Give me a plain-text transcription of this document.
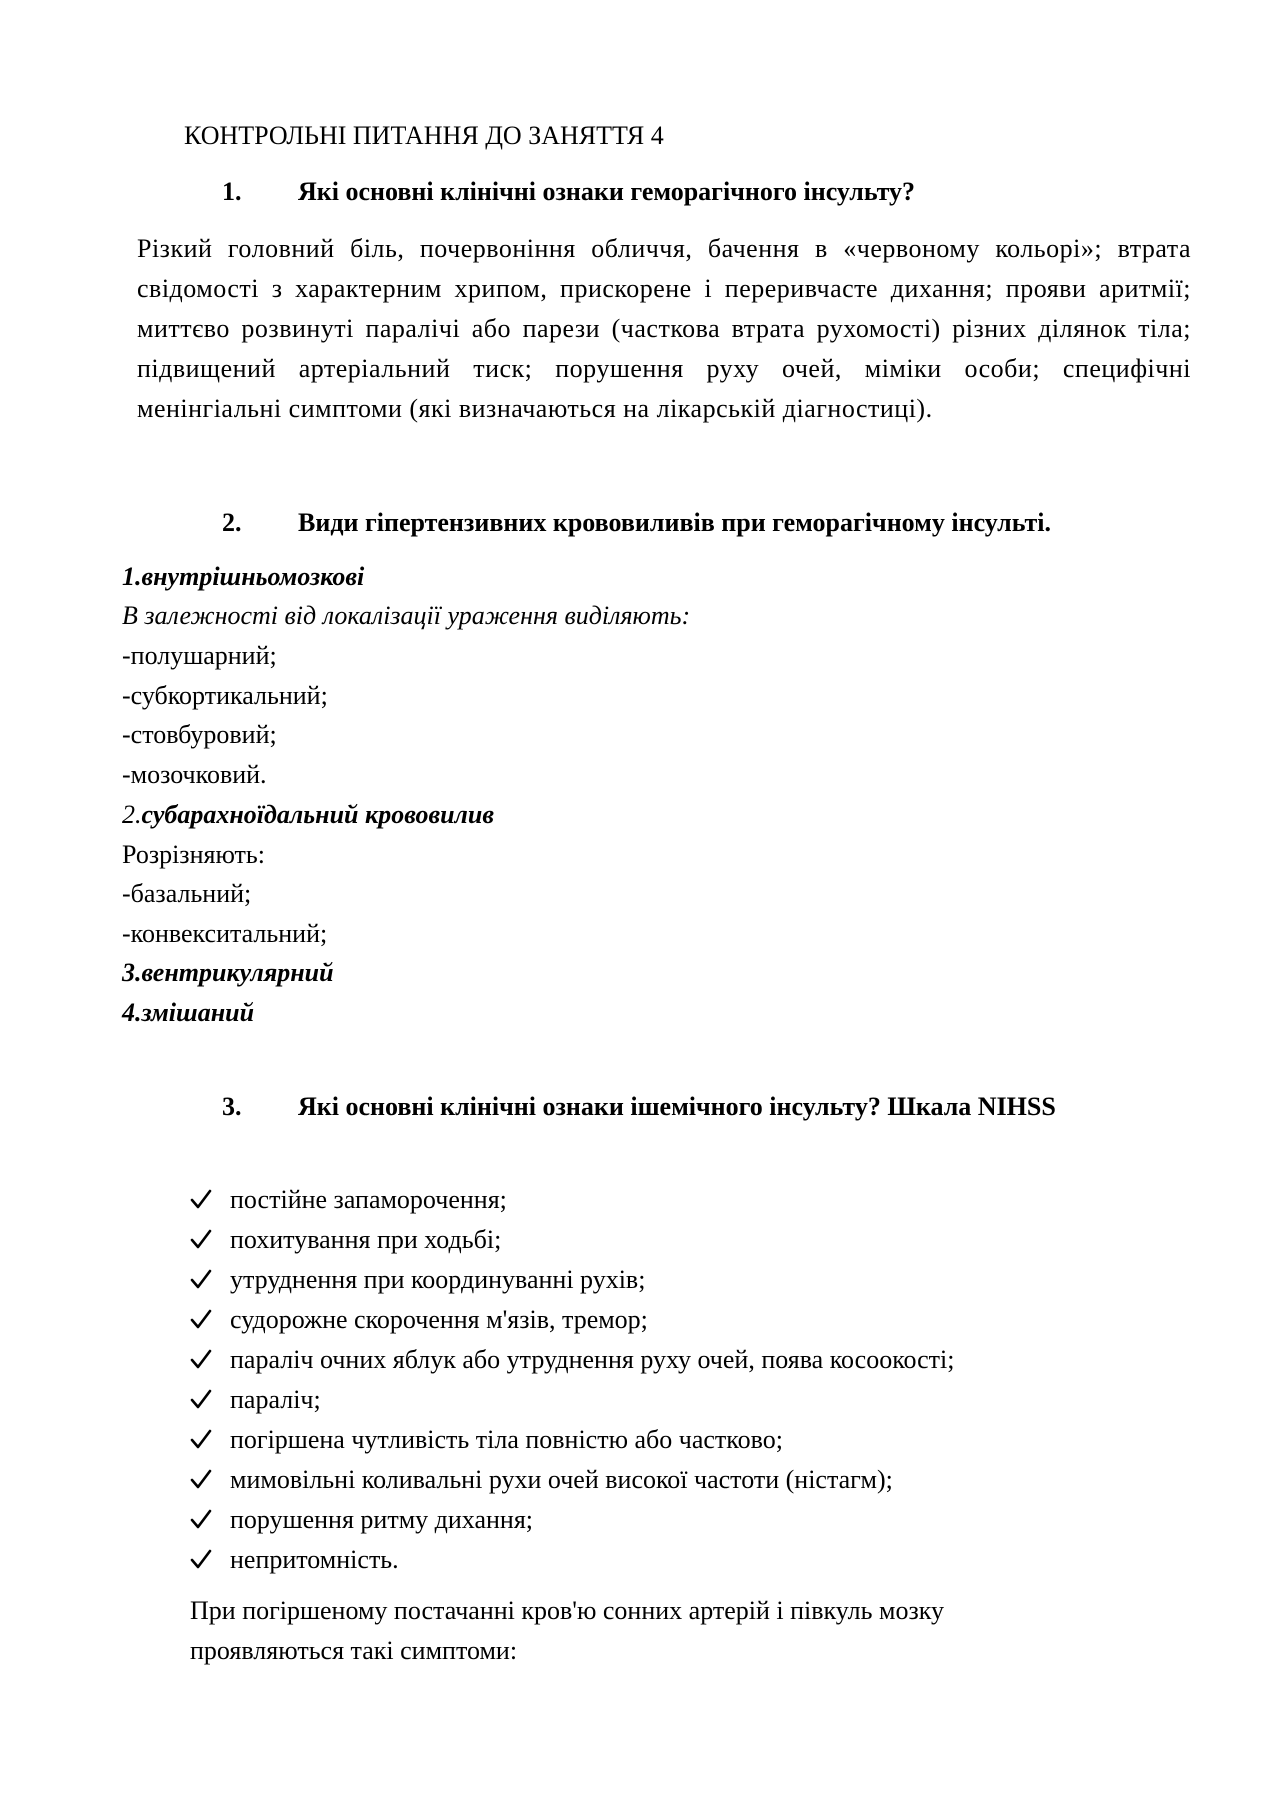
КОНТРОЛЬНІ ПИТАННЯ ДО ЗАНЯТТЯ 4
1. Які основні клінічні ознаки геморагічного інсульту?
Різкий головний біль, почервоніння обличчя, бачення в «червоному кольорі»; втрата свідомості з характерним хрипом, прискорене і переривчасте дихання; прояви аритмії; миттєво розвинуті паралічі або парези (часткова втрата рухомості) різних ділянок тіла; підвищений артеріальний тиск; порушення руху очей, міміки особи; специфічні менінгіальні симптоми (які визначаються на лікарській діагностиці).
2. Види гіпертензивних крововиливів при геморагічному інсульті.
1.внутрішньомозкові
В залежності від локалізації ураження виділяють:
-полушарний;
-субкортикальний;
-стовбуровий;
-мозочковий.
2.субарахноїдальний крововилив
Розрізняють:
-базальний;
-конвекситальний;
3.вентрикулярний
4.змішаний
3. Які основні клінічні ознаки ішемічного інсульту? Шкала NIHSS
постійне запаморочення;
похитування при ходьбі;
утруднення при координуванні рухів;
судорожне скорочення м'язів, тремор;
параліч очних яблук або утруднення руху очей, поява косоокості;
параліч;
погіршена чутливість тіла повністю або частково;
мимовільні коливальні рухи очей високої частоти (ністагм);
порушення ритму дихання;
непритомність.
При погіршеному постачанні кров'ю сонних артерій і півкуль мозку
проявляються такі симптоми:
